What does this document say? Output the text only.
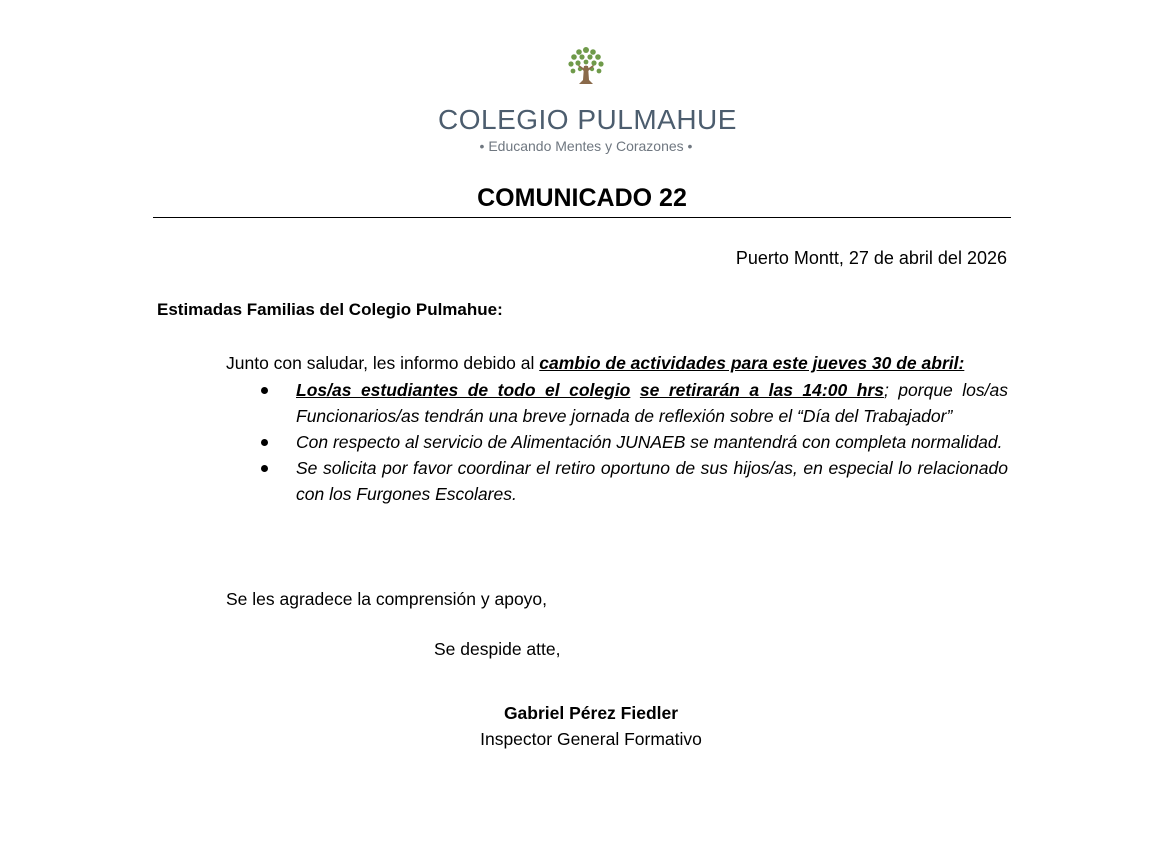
COLEGIO PULMAHUE
• Educando Mentes y Corazones •
COMUNICADO 22
Puerto Montt, 27 de abril del 2026
Estimadas Familias del Colegio Pulmahue:
Junto con saludar, les informo debido al cambio de actividades para este jueves 30 de abril:
Los/as estudiantes de todo el colegio se retirarán a las 14:00 hrs; porque los/as Funcionarios/as tendrán una breve jornada de reflexión sobre el “Día del Trabajador”
Con respecto al servicio de Alimentación JUNAEB se mantendrá con completa normalidad.
Se solicita por favor coordinar el retiro oportuno de sus hijos/as, en especial lo relacionado con los Furgones Escolares.
Se les agradece la comprensión y apoyo,
Se despide atte,
Gabriel Pérez Fiedler
Inspector General Formativo
